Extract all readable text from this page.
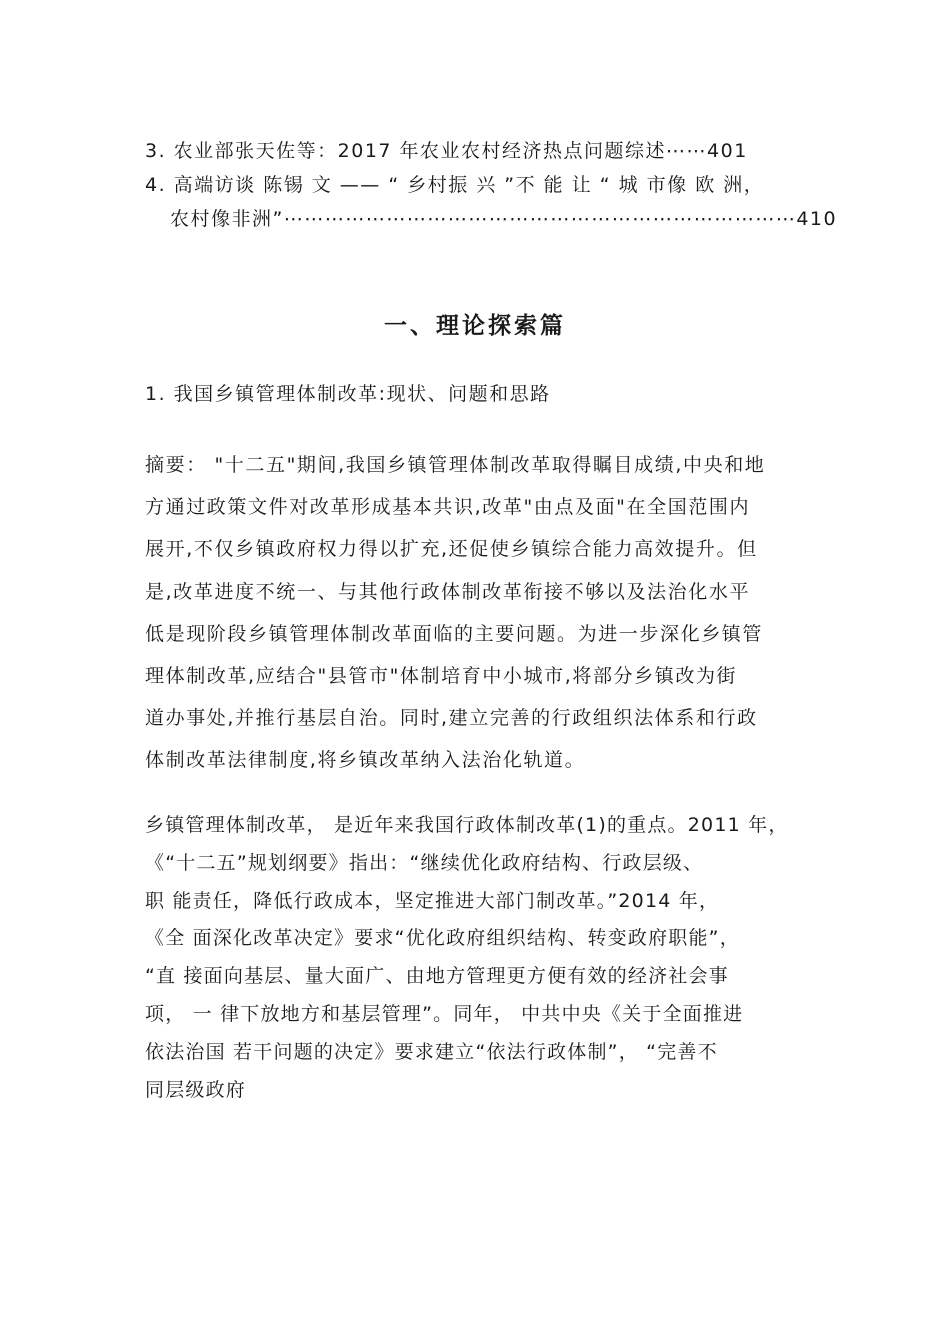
3. 农业部张天佐等：2017 年农业农村经济热点问题综述⋯⋯401
4. 高端访谈 陈锡 文 —— “ 乡村振 兴 ”不 能 让 “ 城 市像 欧 洲，
农村像非洲”⋯⋯⋯⋯⋯⋯⋯⋯⋯⋯⋯⋯⋯⋯⋯⋯⋯⋯⋯⋯⋯⋯⋯⋯⋯410
一、理论探索篇
1. 我国乡镇管理体制改革:现状、问题和思路
摘要： "十二五"期间,我国乡镇管理体制改革取得瞩目成绩,中央和地
方通过政策文件对改革形成基本共识,改革"由点及面"在全国范围内
展开,不仅乡镇政府权力得以扩充,还促使乡镇综合能力高效提升。但
是,改革进度不统一、与其他行政体制改革衔接不够以及法治化水平
低是现阶段乡镇管理体制改革面临的主要问题。为进一步深化乡镇管
理体制改革,应结合"县管市"体制培育中小城市,将部分乡镇改为街
道办事处,并推行基层自治。同时,建立完善的行政组织法体系和行政
体制改革法律制度,将乡镇改革纳入法治化轨道。
乡镇管理体制改革， 是近年来我国行政体制改革(1)的重点。2011 年，
《“十二五”规划纲要》指出：“继续优化政府结构、行政层级、
职 能责任，降低行政成本，坚定推进大部门制改革。”2014 年，
《全 面深化改革决定》要求“优化政府组织结构、转变政府职能”，
“直 接面向基层、量大面广、由地方管理更方便有效的经济社会事
项， 一 律下放地方和基层管理”。同年， 中共中央《关于全面推进
依法治国 若干问题的决定》要求建立“依法行政体制”， “完善不
同层级政府
